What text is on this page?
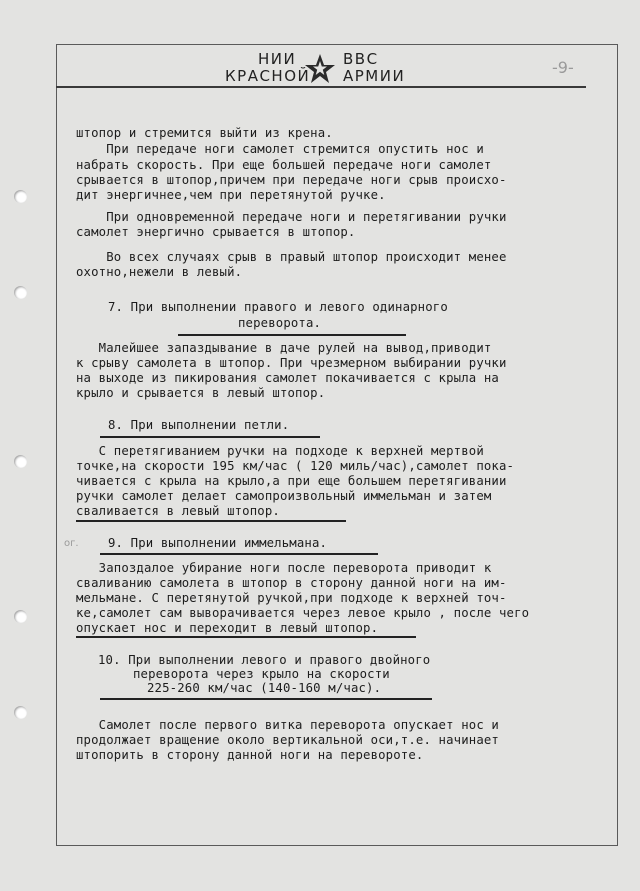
НИИ	ВВС
КРАСНОЙ АРМИИ	-9-
штопор и стремится выйти из крена.
При передаче ноги самолет стремится опустить нос и
набрать скорость. При еще большей передаче ноги самолет
срывается в штопор,причем при передаче ноги срыв происхо-
дит энергичнее,чем при перетянутой ручке.
При одновременной передаче ноги и перетягивании ручки
самолет энергично срывается в штопор.
Во всех случаях срыв в правый штопор происходит менее
охотно,нежели в левый.
7. При выполнении правого и левого одинарного
переворота.
Малейшее запаздывание в даче рулей на вывод,приводит
к срыву самолета в штопор. При чрезмерном выбирании ручки
на выходе из пикирования самолет покачивается с крыла на
крыло и срывается в левый штопор.
8. При выполнении петли.
С перетягиванием ручки на подходе к верхней мертвой
точке,на скорости 195 км/час ( 120 миль/час),самолет пока-
чивается с крыла на крыло,а при еще большем перетягивании
ручки самолет делает самопроизвольный иммельман и затем
сваливается в левый штопор.
ог. 9. При выполнении иммельмана.
Запоздалое убирание ноги после переворота приводит к
сваливанию самолета в штопор в сторону данной ноги на им-
мельмане. С перетянутой ручкой,при подходе к верхней точ-
ке,самолет сам выворачивается через левое крыло , после чего
опускает нос и переходит в левый штопор.
10. При выполнении левого и правого двойного
переворота через крыло на скорости
225-260 км/час (140-160 м/час).
Самолет после первого витка переворота опускает нос и
продолжает вращение около вертикальной оси,т.е. начинает
штопорить в сторону данной ноги на перевороте.
